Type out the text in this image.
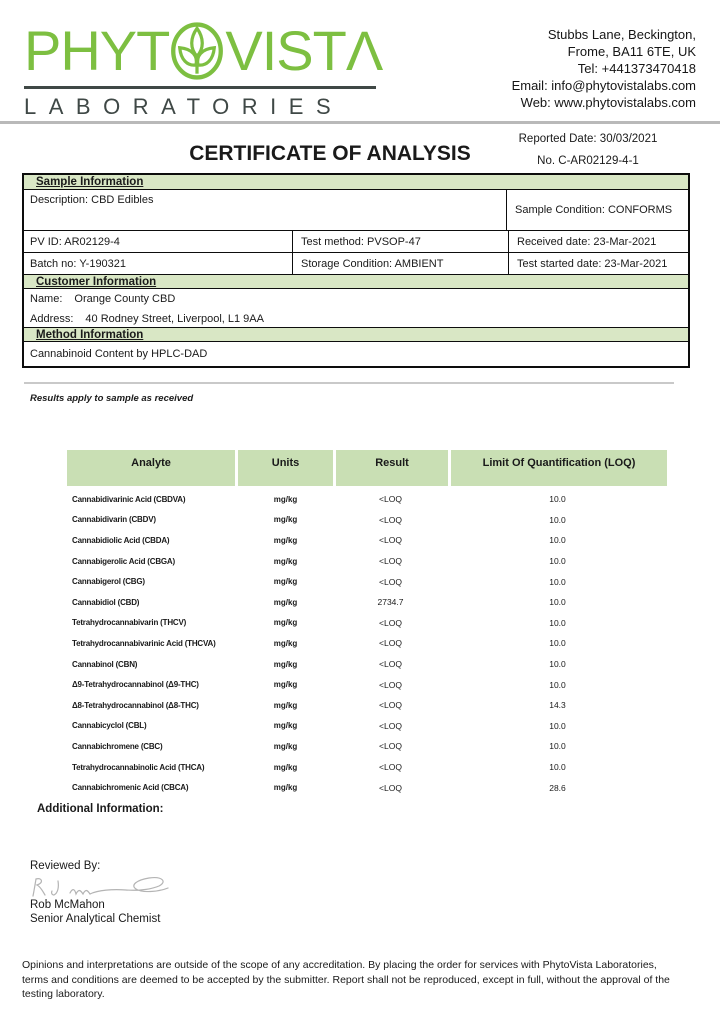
PHYT VISTΛ
LABORATORIES
Stubbs Lane, Beckington,
Frome, BA11 6TE, UK
Tel: +441373470418
Email: info@phytovistalabs.com
Web: www.phytovistalabs.com
Reported Date: 30/03/2021
No. C-AR02129-4-1
CERTIFICATE OF ANALYSIS
Sample Information
Description: CBD Edibles
Sample Condition: CONFORMS
PV ID: AR02129-4	Test method: PVSOP-47	Received date: 23-Mar-2021
Batch no: Y-190321	Storage Condition: AMBIENT	Test started date: 23-Mar-2021
Customer Information
Name: Orange County CBD
Address: 40 Rodney Street, Liverpool, L1 9AA
Method Information
Cannabinoid Content by HPLC-DAD
Results apply to sample as received
Analyte	Units	Result	Limit Of Quantification (LOQ)
Cannabidivarinic Acid (CBDVA)	mg/kg	<LOQ	10.0
Cannabidivarin (CBDV)	mg/kg	<LOQ	10.0
Cannabidiolic Acid (CBDA)	mg/kg	<LOQ	10.0
Cannabigerolic Acid (CBGA)	mg/kg	<LOQ	10.0
Cannabigerol (CBG)	mg/kg	<LOQ	10.0
Cannabidiol (CBD)	mg/kg	2734.7	10.0
Tetrahydrocannabivarin (THCV)	mg/kg	<LOQ	10.0
Tetrahydrocannabivarinic Acid (THCVA)	mg/kg	<LOQ	10.0
Cannabinol (CBN)	mg/kg	<LOQ	10.0
Δ9-Tetrahydrocannabinol (Δ9-THC)	mg/kg	<LOQ	10.0
Δ8-Tetrahydrocannabinol (Δ8-THC)	mg/kg	<LOQ	14.3
Cannabicyclol (CBL)	mg/kg	<LOQ	10.0
Cannabichromene (CBC)	mg/kg	<LOQ	10.0
Tetrahydrocannabinolic Acid (THCA)	mg/kg	<LOQ	10.0
Cannabichromenic Acid (CBCA)	mg/kg	<LOQ	28.6
Additional Information:
Reviewed By:
Rob McMahon
Senior Analytical Chemist
Opinions and interpretations are outside of the scope of any accreditation. By placing the order for services with PhytoVista Laboratories, terms and conditions are deemed to be accepted by the submitter. Report shall not be reproduced, except in full, without the approval of the testing laboratory.
